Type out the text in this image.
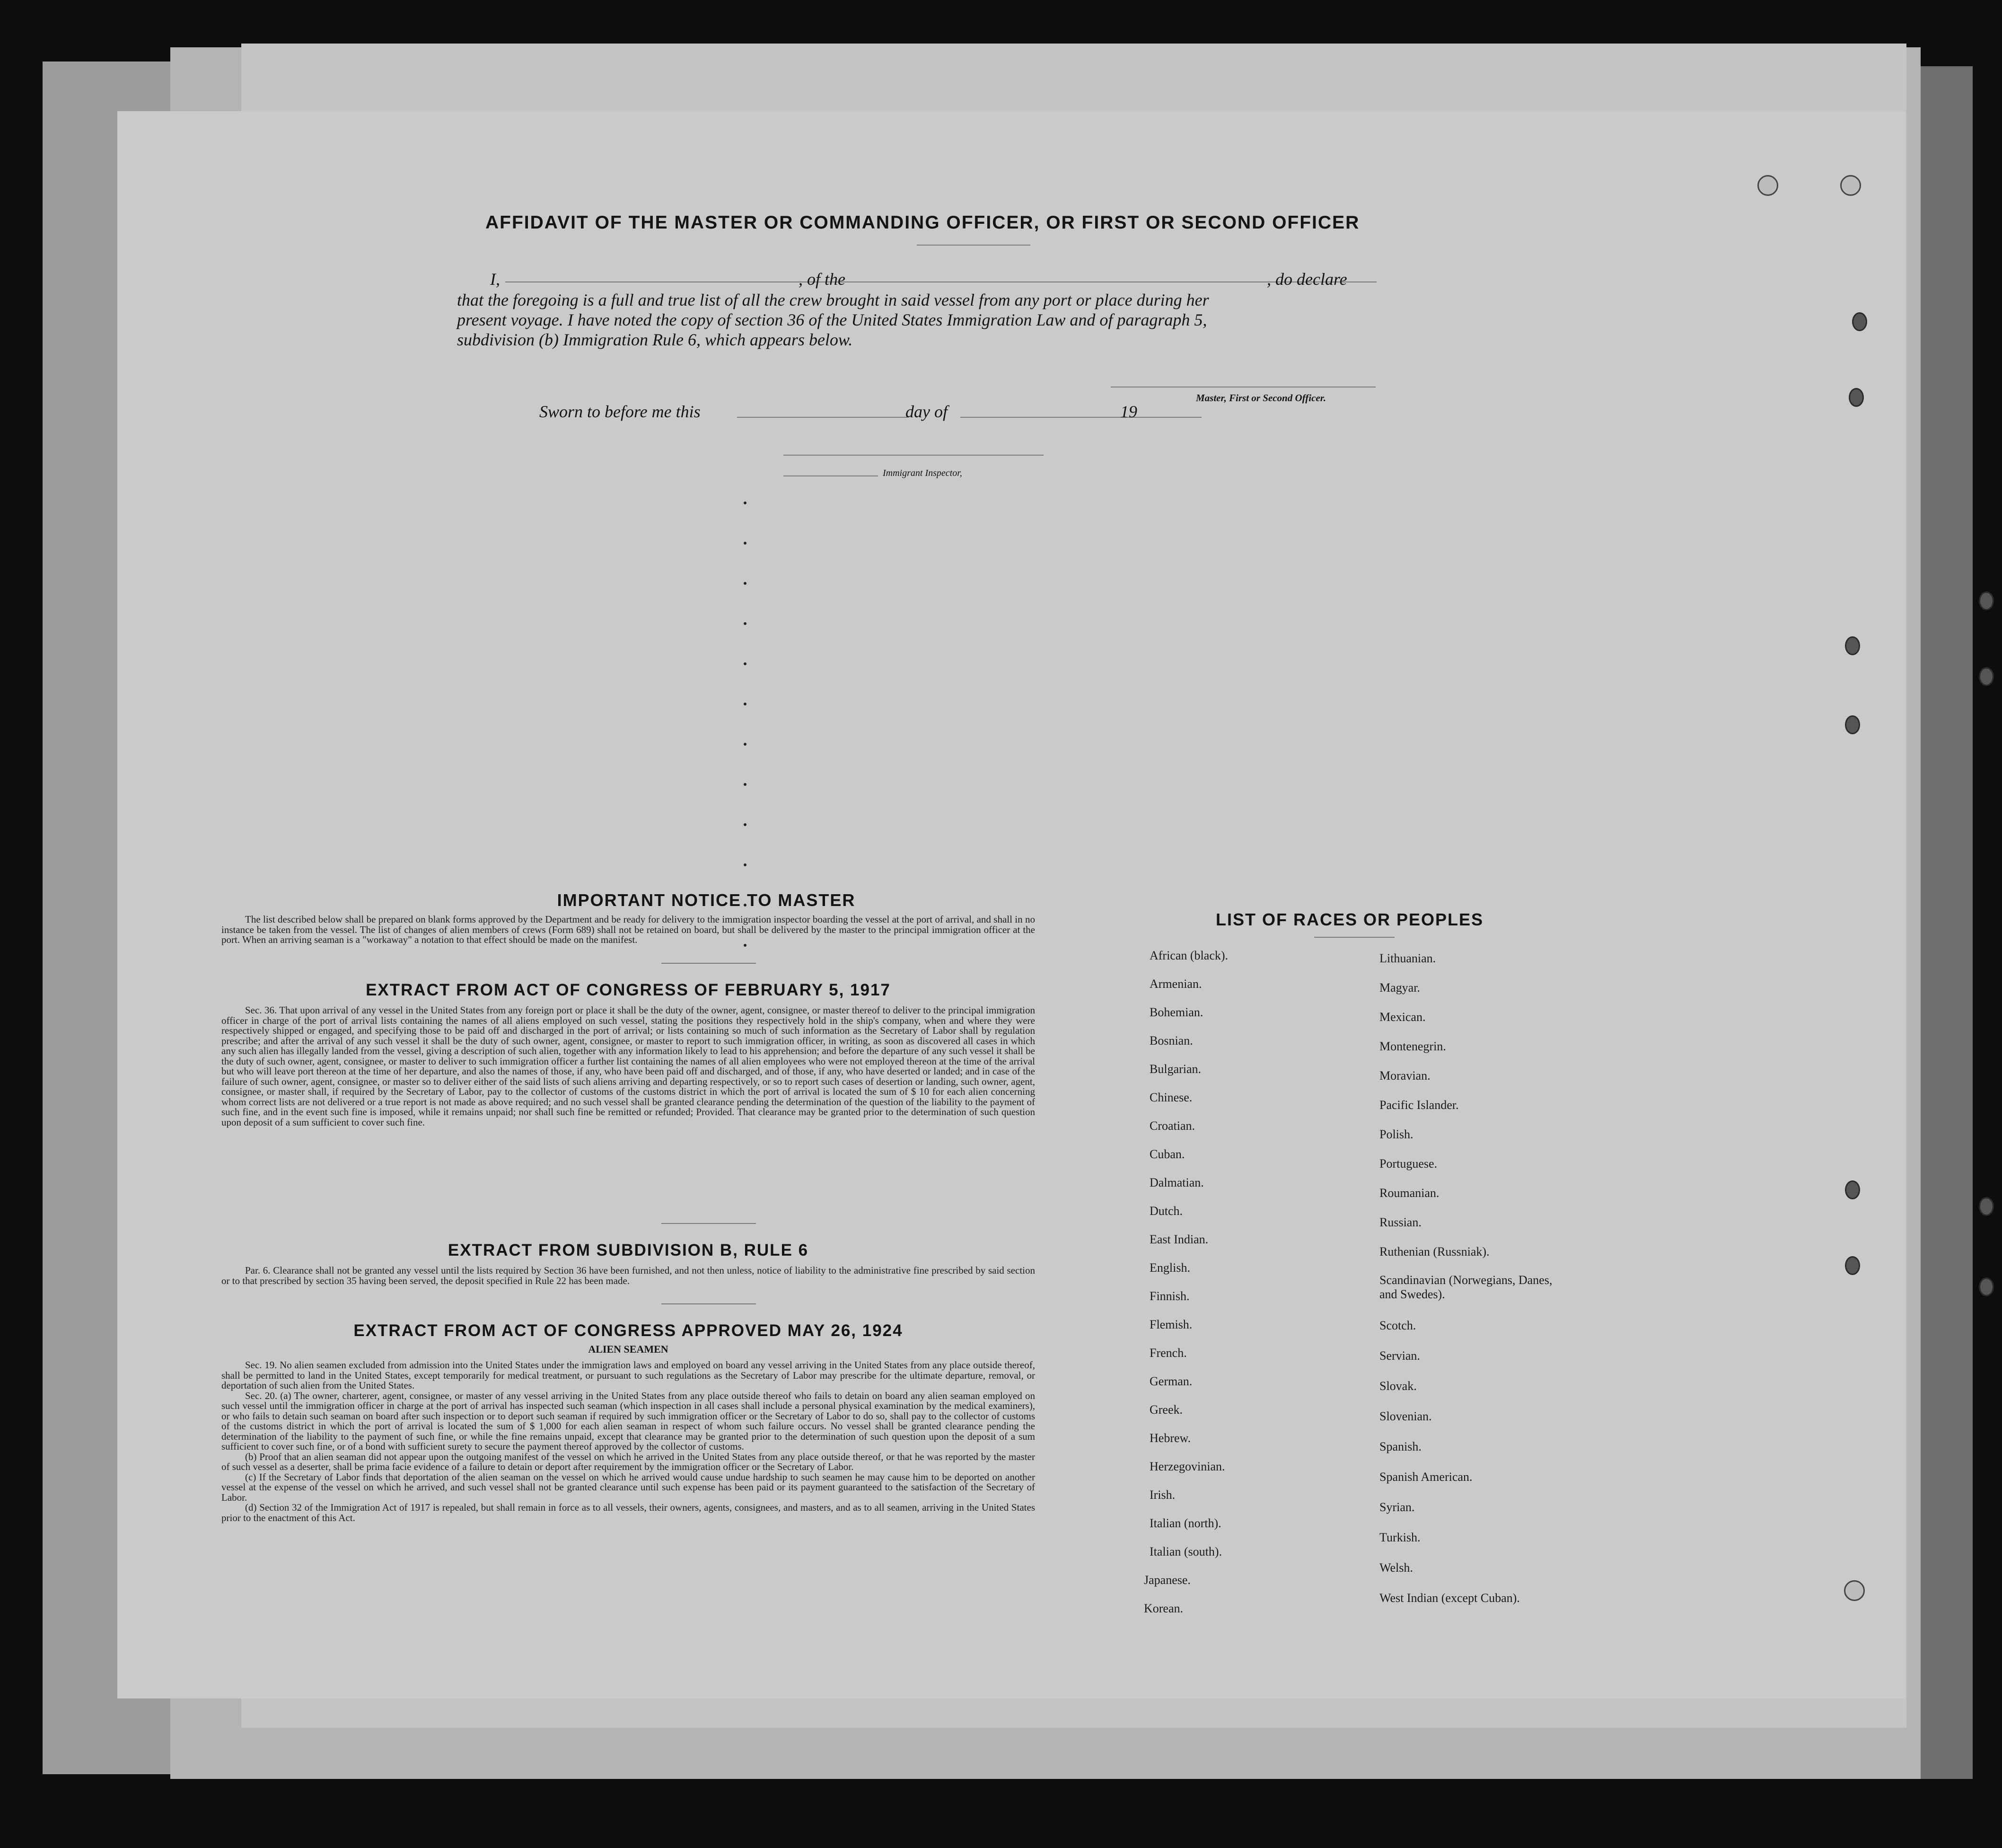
AFFIDAVIT OF THE MASTER OR COMMANDING OFFICER, OR FIRST OR SECOND OFFICER
I,	, of the	, do declare
that the foregoing is a full and true list of all the crew brought in said vessel from any port or place during her
present voyage. I have noted the copy of section 36 of the United States Immigration Law and of paragraph 5,
subdivision (b) Immigration Rule 6, which appears below.
Master, First or Second Officer.
Sworn to before me this	day of	19
Immigrant Inspector,
IMPORTANT NOTICE TO MASTER

The list described below shall be prepared on blank forms approved by the Department and be ready for delivery to the immigration inspector boarding the vessel at the port of arrival, and shall in no instance be taken from the vessel. The list of changes of alien members of crews (Form 689) shall not be retained on board, but shall be delivered by the master to the principal immigration officer at the port. When an arriving seaman is a "workaway" a notation to that effect should be made on the manifest.

EXTRACT FROM ACT OF CONGRESS OF FEBRUARY 5, 1917

Sec. 36. That upon arrival of any vessel in the United States from any foreign port or place it shall be the duty of the owner, agent, consignee, or master thereof to deliver to the principal immigration officer in charge of the port of arrival lists containing the names of all aliens employed on such vessel, stating the positions they respectively hold in the ship's company, when and where they were respectively shipped or engaged, and specifying those to be paid off and discharged in the port of arrival; or lists containing so much of such information as the Secretary of Labor shall by regulation prescribe; and after the arrival of any such vessel it shall be the duty of such owner, agent, consignee, or master to report to such immigration officer, in writing, as soon as discovered all cases in which any such alien has illegally landed from the vessel, giving a description of such alien, together with any information likely to lead to his apprehension; and before the departure of any such vessel it shall be the duty of such owner, agent, consignee, or master to deliver to such immigration officer a further list containing the names of all alien employees who were not employed thereon at the time of the arrival but who will leave port thereon at the time of her departure, and also the names of those, if any, who have been paid off and discharged, and of those, if any, who have deserted or landed; and in case of the failure of such owner, agent, consignee, or master so to deliver either of the said lists of such aliens arriving and departing respectively, or so to report such cases of desertion or landing, such owner, agent, consignee, or master shall, if required by the Secretary of Labor, pay to the collector of customs of the customs district in which the port of arrival is located the sum of $ 10 for each alien concerning whom correct lists are not delivered or a true report is not made as above required; and no such vessel shall be granted clearance pending the determination of the question of the liability to the payment of such fine, and in the event such fine is imposed, while it remains unpaid; nor shall such fine be remitted or refunded; Provided. That clearance may be granted prior to the determination of such question upon deposit of a sum sufficient to cover such fine.

EXTRACT FROM SUBDIVISION B, RULE 6

Par. 6. Clearance shall not be granted any vessel until the lists required by Section 36 have been furnished, and not then unless, notice of liability to the administrative fine prescribed by said section or to that prescribed by section 35 having been served, the deposit specified in Rule 22 has been made.

EXTRACT FROM ACT OF CONGRESS APPROVED MAY 26, 1924
ALIEN SEAMEN

Sec. 19. No alien seamen excluded from admission into the United States under the immigration laws and employed on board any vessel arriving in the United States from any place outside thereof, shall be permitted to land in the United States, except temporarily for medical treatment, or pursuant to such regulations as the Secretary of Labor may prescribe for the ultimate departure, removal, or deportation of such alien from the United States.

Sec. 20. (a) The owner, charterer, agent, consignee, or master of any vessel arriving in the United States from any place outside thereof who fails to detain on board any alien seaman employed on such vessel until the immigration officer in charge at the port of arrival has inspected such seaman (which inspection in all cases shall include a personal physical examination by the medical examiners), or who fails to detain such seaman on board after such inspection or to deport such seaman if required by such immigration officer or the Secretary of Labor to do so, shall pay to the collector of customs of the customs district in which the port of arrival is located the sum of $ 1,000 for each alien seaman in respect of whom such failure occurs. No vessel shall be granted clearance pending the determination of the liability to the payment of such fine, or while the fine remains unpaid, except that clearance may be granted prior to the determination of such question upon the deposit of a sum sufficient to cover such fine, or of a bond with sufficient surety to secure the payment thereof approved by the collector of customs.

(b) Proof that an alien seaman did not appear upon the outgoing manifest of the vessel on which he arrived in the United States from any place outside thereof, or that he was reported by the master of such vessel as a deserter, shall be prima facie evidence of a failure to detain or deport after requirement by the immigration officer or the Secretary of Labor.

(c) If the Secretary of Labor finds that deportation of the alien seaman on the vessel on which he arrived would cause undue hardship to such seamen he may cause him to be deported on another vessel at the expense of the vessel on which he arrived, and such vessel shall not be granted clearance until such expense has been paid or its payment guaranteed to the satisfaction of the Secretary of Labor.

(d) Section 32 of the Immigration Act of 1917 is repealed, but shall remain in force as to all vessels, their owners, agents, consignees, and masters, and as to all seamen, arriving in the United States prior to the enactment of this Act.

LIST OF RACES OR PEOPLES
African (black).
Armenian.
Bohemian.
Bosnian.
Bulgarian.
Chinese.
Croatian.
Cuban.
Dalmatian.
Dutch.
East Indian.
English.
Finnish.
Flemish.
French.
German.
Greek.
Hebrew.
Herzegovinian.
Irish.
Italian (north).
Italian (south).
Japanese.
Korean.
Lithuanian.
Magyar.
Mexican.
Montenegrin.
Moravian.
Pacific Islander.
Polish.
Portuguese.
Roumanian.
Russian.
Ruthenian (Russniak).
Scandinavian (Norwegians, Danes, and Swedes).
Scotch.
Servian.
Slovak.
Slovenian.
Spanish.
Spanish American.
Syrian.
Turkish.
Welsh.
West Indian (except Cuban).
